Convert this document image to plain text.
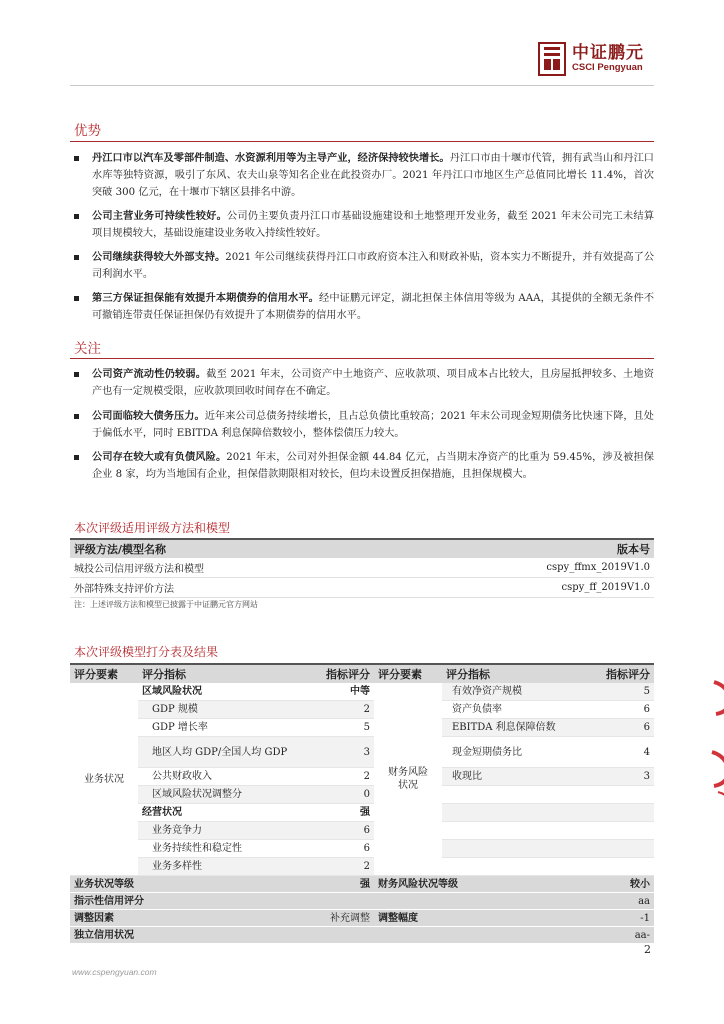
中证鹏元
CSCI Pengyuan
优势
丹江口市以汽车及零部件制造、水资源利用等为主导产业，经济保持较快增长。丹江口市由十堰市代管，拥有武当山和丹江口水库等独特资源，吸引了东风、农夫山泉等知名企业在此投资办厂。2021 年丹江口市地区生产总值同比增长 11.4%，首次突破 300 亿元，在十堰市下辖区县排名中游。
公司主营业务可持续性较好。公司仍主要负责丹江口市基础设施建设和土地整理开发业务，截至 2021 年末公司完工未结算项目规模较大，基础设施建设业务收入持续性较好。
公司继续获得较大外部支持。2021 年公司继续获得丹江口市政府资本注入和财政补贴，资本实力不断提升，并有效提高了公司利润水平。
第三方保证担保能有效提升本期债券的信用水平。经中证鹏元评定，湖北担保主体信用等级为 AAA，其提供的全额无条件不可撤销连带责任保证担保仍有效提升了本期债券的信用水平。
关注
公司资产流动性仍较弱。截至 2021 年末，公司资产中土地资产、应收款项、项目成本占比较大，且房屋抵押较多、土地资产也有一定规模受限，应收款项回收时间存在不确定。
公司面临较大债务压力。近年来公司总债务持续增长，且占总负债比重较高；2021 年末公司现金短期债务比快速下降，且处于偏低水平，同时 EBITDA 利息保障倍数较小，整体偿债压力较大。
公司存在较大或有负债风险。2021 年末，公司对外担保金额 44.84 亿元，占当期末净资产的比重为 59.45%，涉及被担保企业 8 家，均为当地国有企业，担保借款期限相对较长，但均未设置反担保措施，且担保规模大。
本次评级适用评级方法和模型
评级方法/模型名称	版本号
城投公司信用评级方法和模型	cspy_ffmx_2019V1.0
外部特殊支持评价方法	cspy_ff_2019V1.0
注：上述评级方法和模型已披露于中证鹏元官方网站
本次评级模型打分表及结果
评分要素	评分指标	指标评分	评分要素	评分指标	指标评分
业务状况	区域风险状况	中等	财务风险状况	有效净资产规模	5
	GDP 规模	2		资产负债率	6
	GDP 增长率	5		EBITDA 利息保障倍数	6
	地区人均 GDP/全国人均 GDP	3		现金短期债务比	4
	公共财政收入	2		收现比	3
	区域风险状况调整分	0			
	经营状况	强			
	业务竞争力	6			
	业务持续性和稳定性	6			
	业务多样性	2			
业务状况等级		强	财务风险状况等级		较小
指示性信用评分					aa
调整因素		补充调整	调整幅度		-1
独立信用状况					aa-
2
www.cspengyuan.com
